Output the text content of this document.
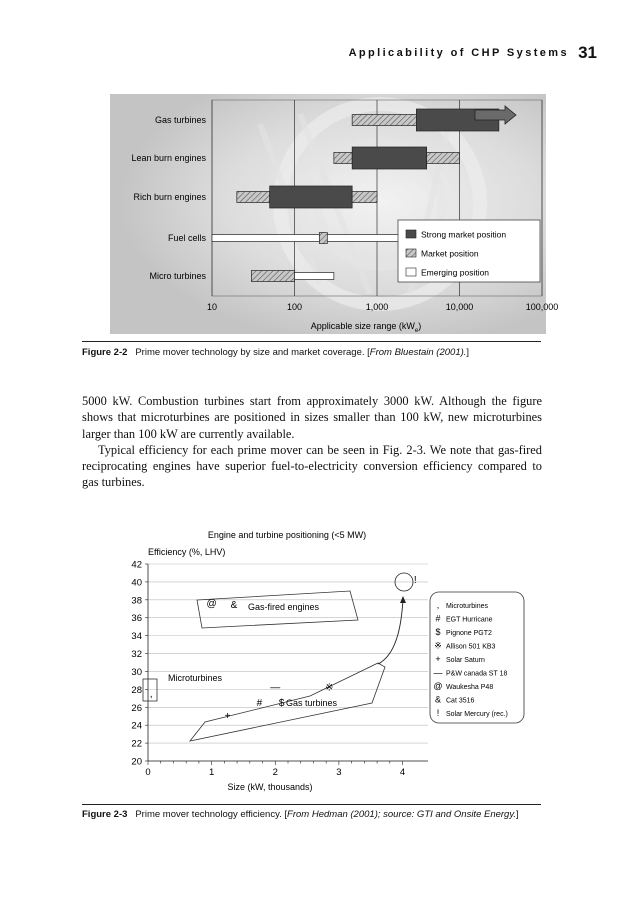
Applicability of CHP Systems 31
Gas turbines
Lean burn engines
Rich burn engines
Fuel cells
Micro turbines
10	100	1,000	10,000	100,000
Applicable size range $(kW_e)$
Strong market position
Market position
Emerging position
Figure 2-2 Prime mover technology by size and market coverage. [From Bluestain (2001).]

5000 kW. Combustion turbines start from approximately 3000 kW. Although the figure shows that microturbines are positioned in sizes smaller than 100 kW, new microturbines larger than 100 kW are currently available.

Typical efficiency for each prime mover can be seen in Fig. 2-3. We note that gas-fired reciprocating engines have superior fuel-to-electricity conversion efficiency compared to gas turbines.

Engine and turbine positioning (<5 MW)
Efficiency (%, LHV)
Gas-fired engines
Gas turbines
Microturbines
,
# $
※
+
—
@ &
!
20
22
24
26
28
30
32
34
36
38
40
42
0	1	2	3	4
Size (kW, thousands)
, Microturbines
# EGT Hurricane
$ Pignone PGT2
※ Allison 501 KB3
+ Solar Saturn
— P&W canada ST 18
@ Waukesha P48
& Cat 3516
! Solar Mercury (rec.)
Figure 2-3 Prime mover technology efficiency. [From Hedman (2001); source: GTI and Onsite Energy.]
